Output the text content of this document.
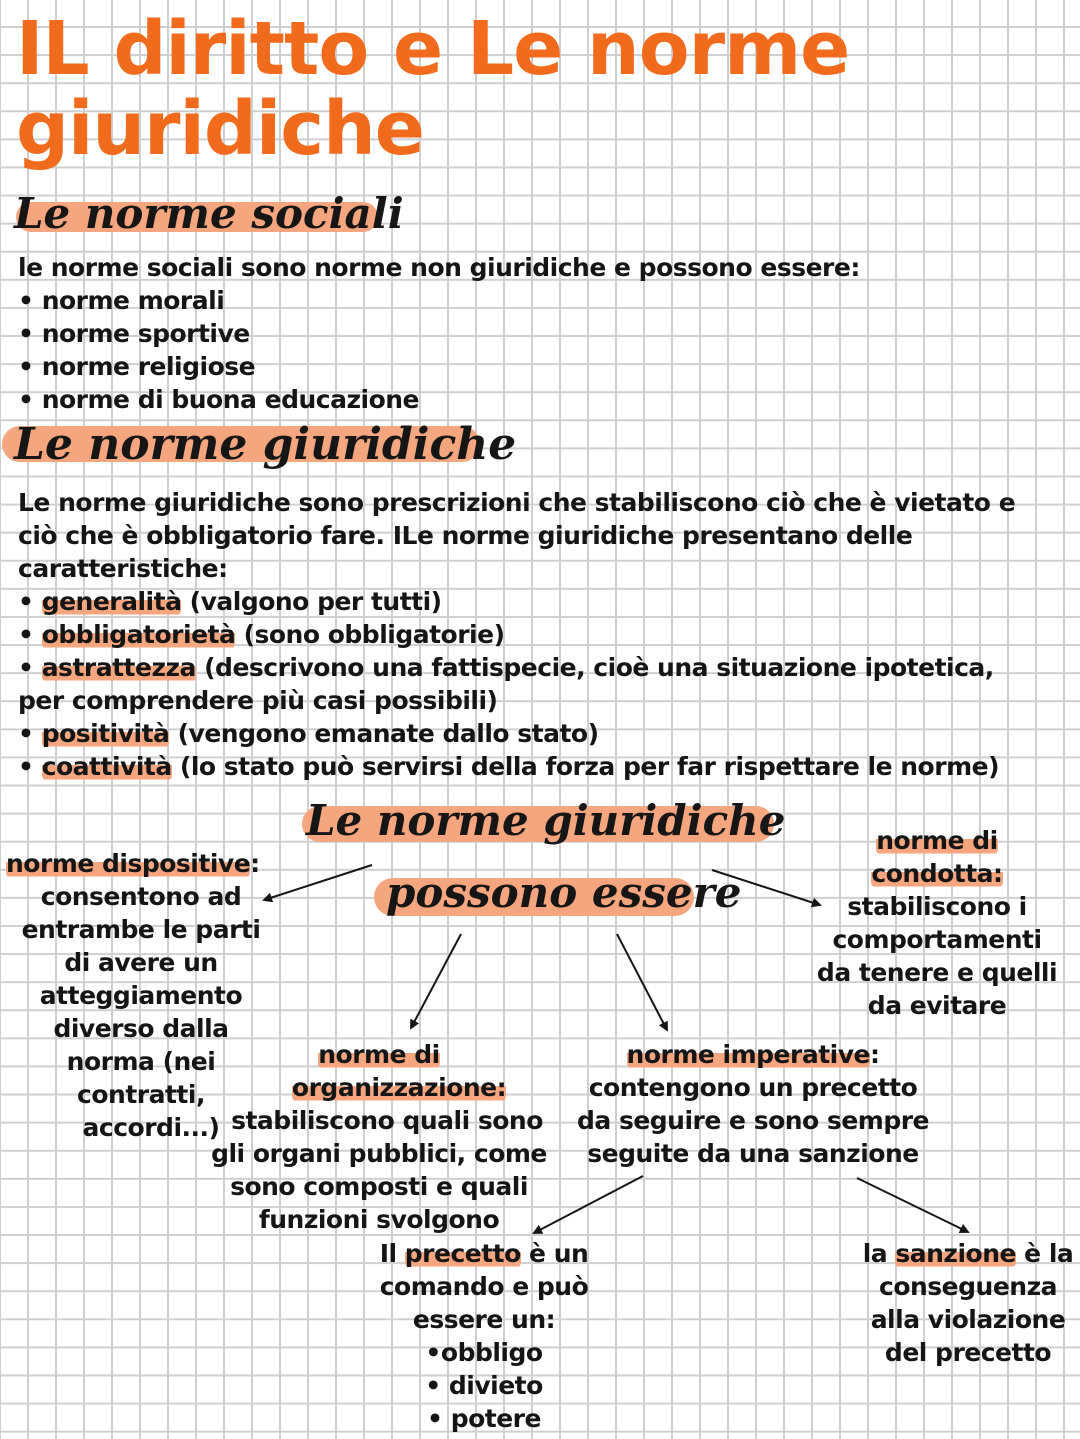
IL diritto e Le norme
giuridiche
Le norme sociali
le norme sociali sono norme non giuridiche e possono essere:
• norme morali
• norme sportive
• norme religiose
• norme di buona educazione
Le norme giuridiche
Le norme giuridiche sono prescrizioni che stabiliscono ciò che è vietato e
ciò che è obbligatorio fare. ILe norme giuridiche presentano delle
caratteristiche:
• generalità (valgono per tutti)
• obbligatorietà (sono obbligatorie)
• astrattezza (descrivono una fattispecie, cioè una situazione ipotetica,
per comprendere più casi possibili)
• positività (vengono emanate dallo stato)
• coattività (lo stato può servirsi della forza per far rispettare le norme)
Le norme giuridiche
possono essere
norme dispositive:
consentono ad
entrambe le parti
di avere un
atteggiamento
diverso dalla
norma (nei
contratti,
accordi...)
norme di
condotta:
stabiliscono i
comportamenti
da tenere e quelli
da evitare
norme di
organizzazione:
stabiliscono quali sono
gli organi pubblici, come
sono composti e quali
funzioni svolgono
norme imperative:
contengono un precetto
da seguire e sono sempre
seguite da una sanzione
Il precetto è un
comando e può
essere un:
•obbligo
• divieto
• potere
la sanzione è la
conseguenza
alla violazione
del precetto
